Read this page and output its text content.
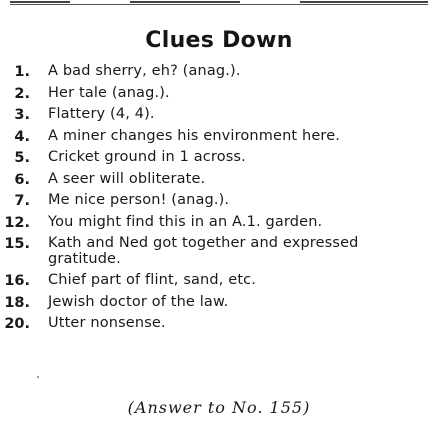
Clues Down
1. A bad sherry, eh? (anag.).
2. Her tale (anag.).
3. Flattery (4, 4).
4. A miner changes his environment here.
5. Cricket ground in 1 across.
6. A seer will obliterate.
7. Me nice person! (anag.).
12. You might find this in an A.1. garden.
15. Kath and Ned got together and expressed gratitude.
16. Chief part of flint, sand, etc.
18. Jewish doctor of the law.
20. Utter nonsense.
(Answer to No. 155)
